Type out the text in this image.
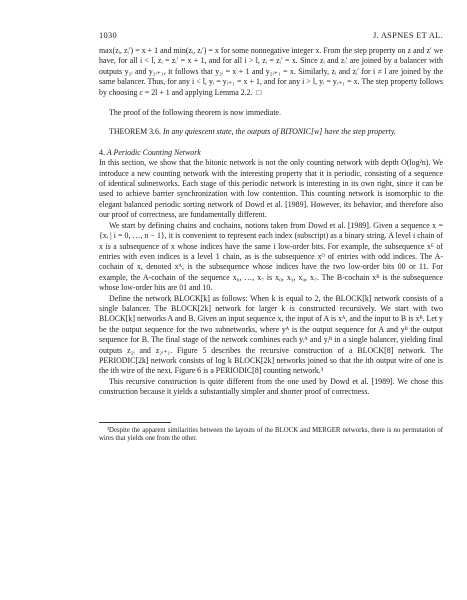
1030	J. ASPNES ET AL.

max(zᵢ, zᵢ′) = x + 1 and min(zᵢ, zᵢ′) = x for some nonnegative integer x. From the step property on z and z′ we have, for all i < l, zᵢ = zᵢ′ = x + 1, and for all i > l, zᵢ = zᵢ′ = x. Since zᵢ and zᵢ′ are joined by a balancer with outputs y₂ᵢ and y₂ᵢ₊₁, it follows that y₂ᵢ = x + 1 and y₂ᵢ₊₁ = x. Similarly, zᵢ and zᵢ′ for i ≠ l are joined by the same balancer. Thus, for any i < l, yᵢ = yᵢ₊₁ = x + 1, and for any i > l, yᵢ = yᵢ₊₁ = x. The step property follows by choosing c = 2l + 1 and applying Lemma 2.2. □

The proof of the following theorem is now immediate.

THEOREM 3.6. In any quiescent state, the outputs of BITONIC[w] have the step property.

4. A Periodic Counting Network

In this section, we show that the bitonic network is not the only counting network with depth O(log²n). We introduce a new counting network with the interesting property that it is periodic, consisting of a sequence of identical subnetworks. Each stage of this periodic network is interesting in its own right, since it can be used to achieve barrier synchronization with low contention. This counting network is isomorphic to the elegant balanced periodic sorting network of Dowd et al. [1989]. However, its behavior, and therefore also our proof of correctness, are fundamentally different.

We start by defining chains and cochains, notions taken from Dowd et al. [1989]. Given a sequence x = {xᵢ | i = 0, …, n − 1}, it is convenient to represent each index (subscript) as a binary string. A level i chain of x is a subsequence of x whose indices have the same i low-order bits. For example, the subsequence xᴱ of entries with even indices is a level 1 chain, as is the subsequence xᴼ of entries with odd indices. The A-cochain of x, denoted xᴬ, is the subsequence whose indices have the two low-order bits 00 or 11. For example, the A-cochain of the sequence x₀, …, x₇ is x₀, x₃, x₄, x₇. The B-cochain xᴮ is the subsequence whose low-order bits are 01 and 10.

Define the network BLOCK[k] as follows: When k is equal to 2, the BLOCK[k] network consists of a single balancer. The BLOCK[2k] network for larger k is constructed recursively. We start with two BLOCK[k] networks A and B. Given an input sequence x, the input of A is xᴬ, and the input to B is xᴮ. Let y be the output sequence for the two subnetworks, where yᴬ is the output sequence for A and yᴮ the output sequence for B. The final stage of the network combines each yᵢᴬ and yᵢᴮ in a single balancer, yielding final outputs z₂ᵢ and z₂ᵢ₊₁. Figure 5 describes the recursive construction of a BLOCK[8] network. The PERIODIC[2k] network consists of log k BLOCK[2k] networks joined so that the ith output wire of one is the ith wire of the next. Figure 6 is a PERIODIC[8] counting network.³

This recursive construction is quite different from the one used by Dowd et al. [1989]. We chose this construction because it yields a substantially simpler and shorter proof of correctness.

³Despite the apparent similarities between the layouts of the BLOCK and MERGER networks, there is no permutation of wires that yields one from the other.
